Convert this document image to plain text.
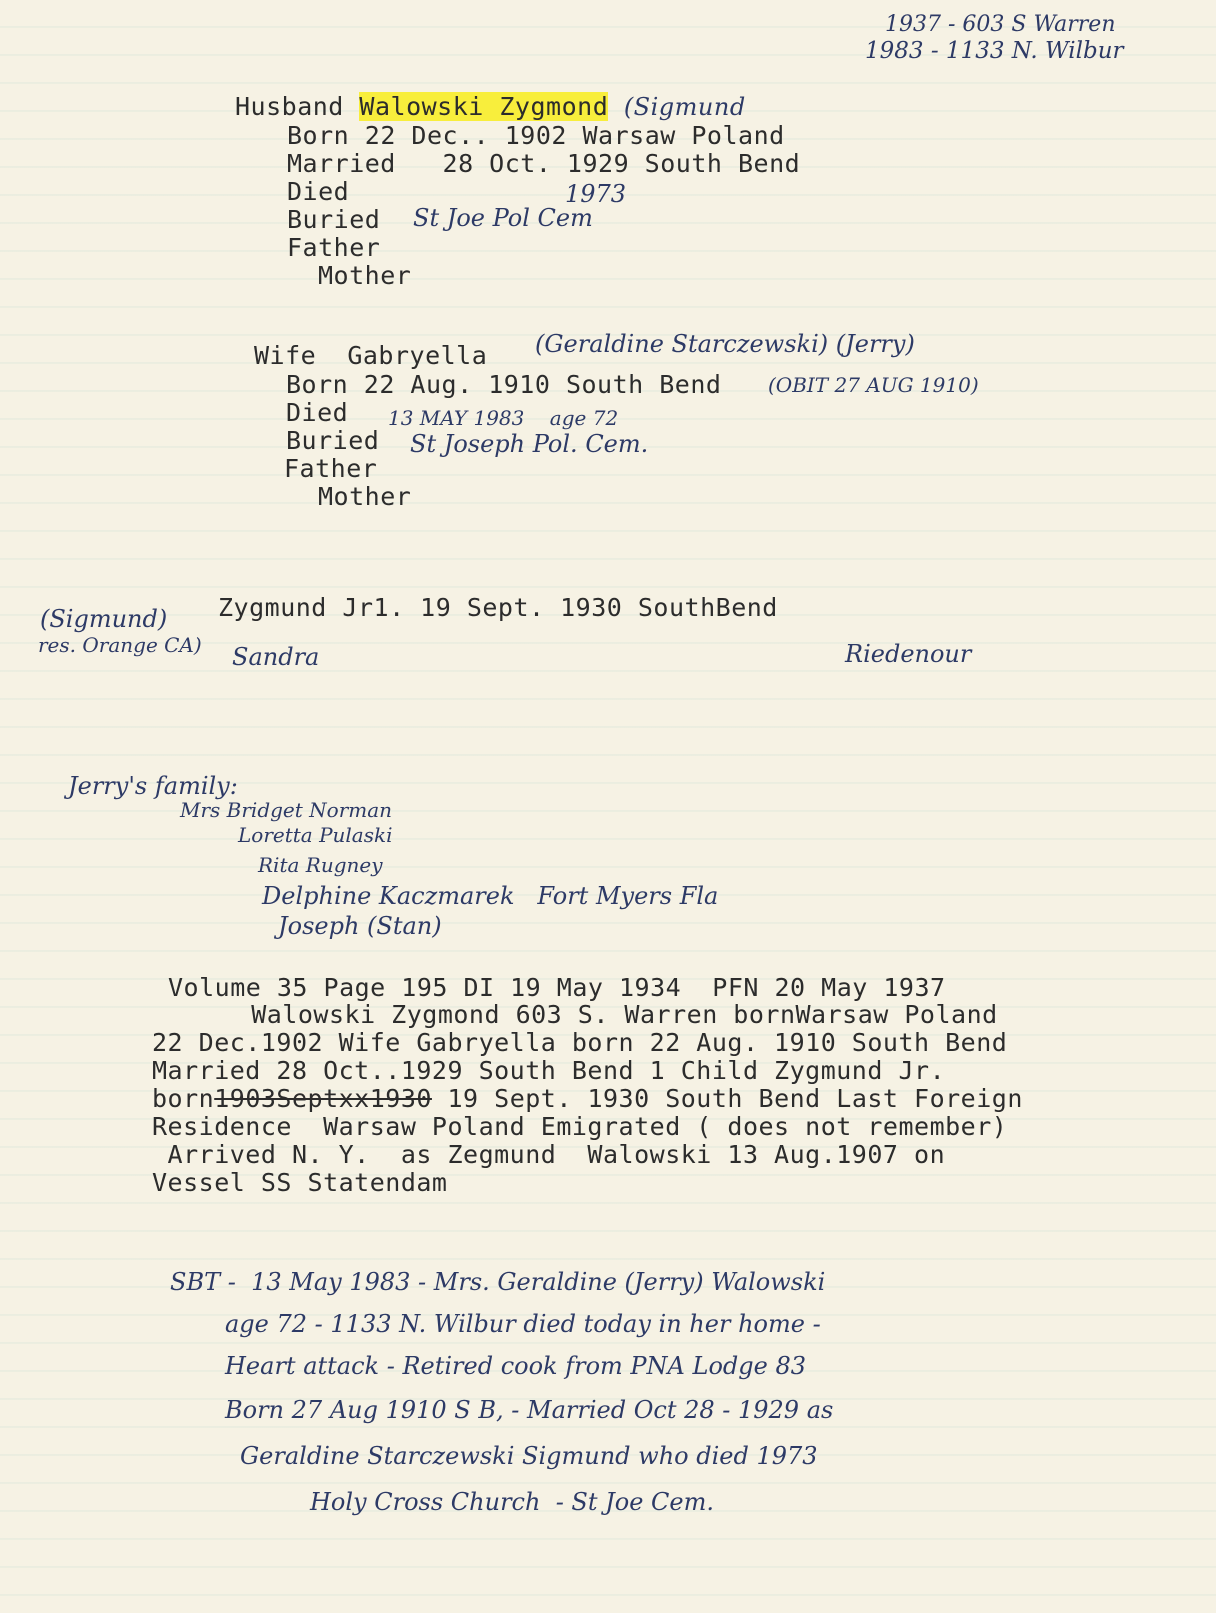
1937 - 603 S Warren
1983 - 1133 N. Wilbur
Husband Walowski Zygmond (Sigmund
Born 22 Dec.. 1902 Warsaw Poland
Married 28 Oct. 1929 South Bend
Died	1973
Buried St Joe Pol Cem
Father
Mother
Wife Gabryella (Geraldine Starczewski) (Jerry)
Born 22 Aug. 1910 South Bend (OBIT 27 AUG 1910)
Died 13 MAY 1983    age 72
Buried St Joseph Pol. Cem.
Father
Mother
(Sigmund)
res. Orange CA)
Zygmund Jr1. 19 Sept. 1930 SouthBend
Sandra	Riedenour
Jerry's family:
Mrs Bridget Norman
Loretta Pulaski
Rita Rugney
Delphine Kaczmarek   Fort Myers Fla
Joseph (Stan)
Volume 35 Page 195 DI 19 May 1934  PFN 20 May 1937
Walowski Zygmond 603 S. Warren bornWarsaw Poland
22 Dec.1902 Wife Gabryella born 22 Aug. 1910 South Bend
Married 28 Oct..1929 South Bend 1 Child Zygmund Jr.
born1903Septxx1930 19 Sept. 1930 South Bend Last Foreign
Residence  Warsaw Poland Emigrated ( does not remember)
Arrived N. Y.  as Zegmund  Walowski 13 Aug.1907 on
Vessel SS Statendam
SBT -  13 May 1983 - Mrs. Geraldine (Jerry) Walowski
age 72 - 1133 N. Wilbur died today in her home -
Heart attack - Retired cook from PNA Lodge 83
Born 27 Aug 1910 S B, - Married Oct 28 - 1929 as
Geraldine Starczewski Sigmund who died 1973
Holy Cross Church  - St Joe Cem.
